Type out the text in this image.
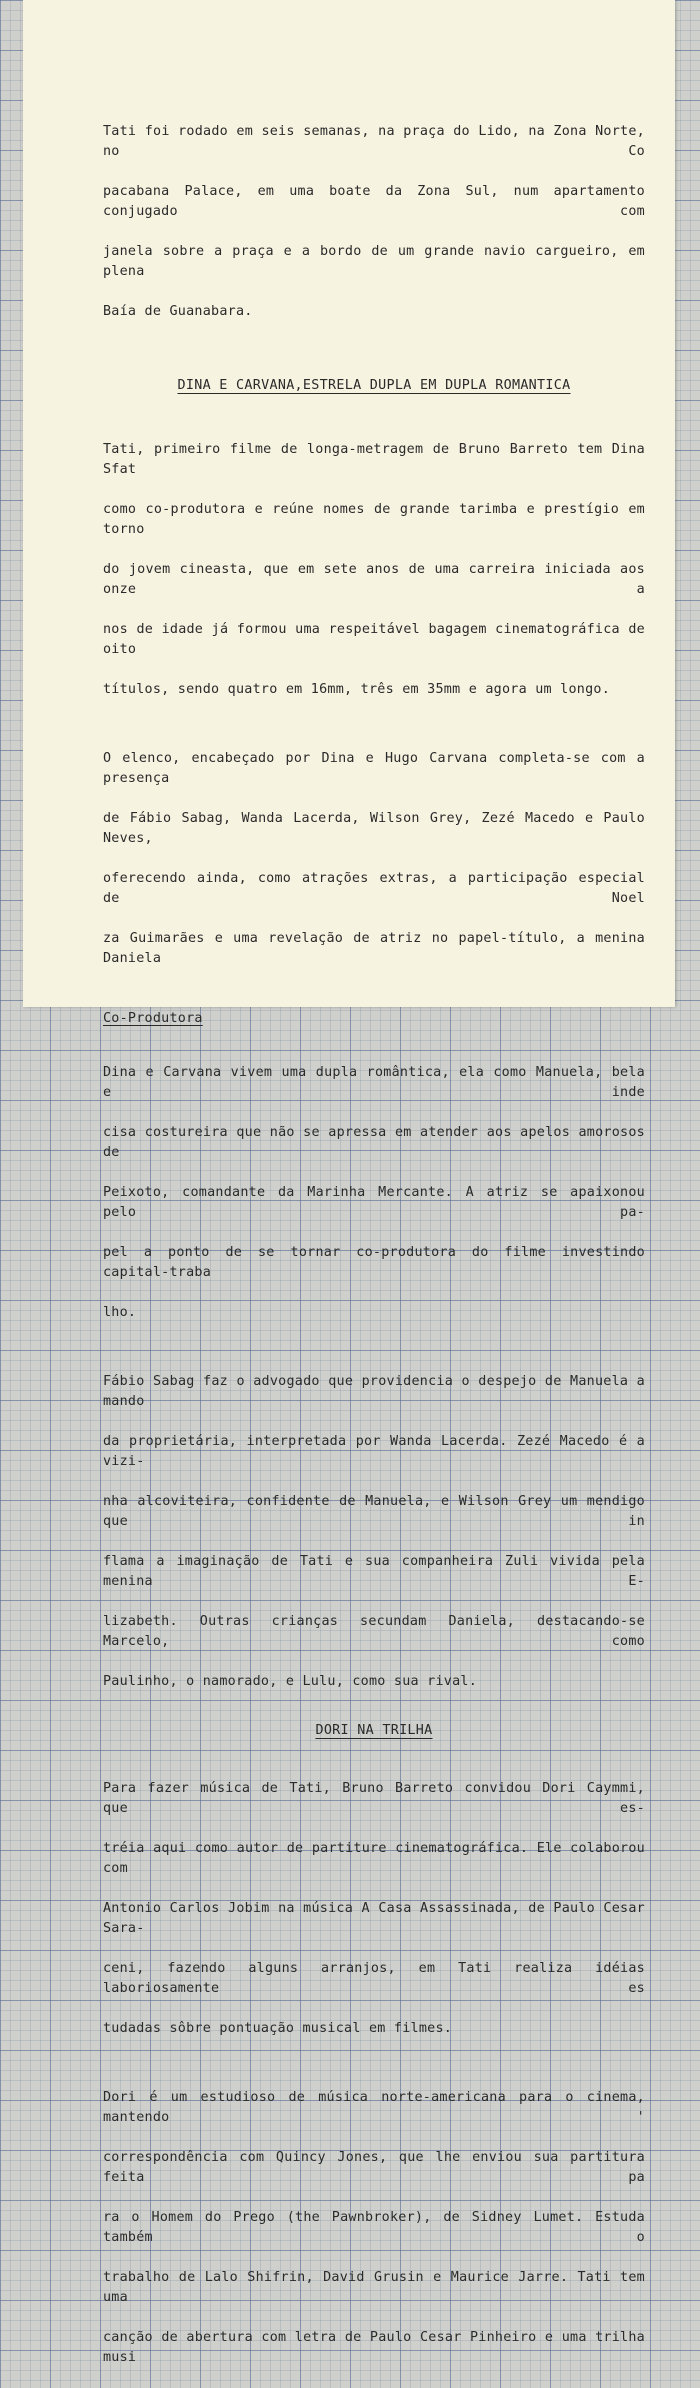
Tati foi rodado em seis semanas, na praça do Lido, na Zona Norte, no Co

pacabana Palace, em uma boate da Zona Sul, num apartamento conjugado com

janela sobre a praça e a bordo de um grande navio cargueiro, em plena

Baía de Guanabara.

DINA E CARVANA,ESTRELA DUPLA EM DUPLA ROMANTICA

Tati, primeiro filme de longa-metragem de Bruno Barreto tem Dina Sfat

como co-produtora e reúne nomes de grande tarimba e prestígio em torno

do jovem cineasta, que em sete anos de uma carreira iniciada aos onze a

nos de idade já formou uma respeitável bagagem cinematográfica de oito

títulos, sendo quatro em 16mm, três em 35mm e agora um longo.

O elenco, encabeçado por Dina e Hugo Carvana completa-se com a presença

de Fábio Sabag, Wanda Lacerda, Wilson Grey, Zezé Macedo e Paulo Neves,

oferecendo ainda, como atrações extras, a participação especial de Noel

za Guimarães e uma revelação de atriz no papel-título, a menina Daniela

Co-Produtora

Dina e Carvana vivem uma dupla romântica, ela como Manuela, bela e inde

cisa costureira que não se apressa em atender aos apelos amorosos de

Peixoto, comandante da Marinha Mercante. A atriz se apaixonou pelo pa-

pel a ponto de se tornar co-produtora do filme investindo capital-traba

lho.

Fábio Sabag faz o advogado que providencia o despejo de Manuela a mando

da proprietária, interpretada por Wanda Lacerda. Zezé Macedo é a vizi-

nha alcoviteira, confidente de Manuela, e Wilson Grey um mendigo que in

flama a imaginação de Tati e sua companheira Zuli vivida pela menina E-

lizabeth. Outras crianças secundam Daniela, destacando-se Marcelo, como

Paulinho, o namorado, e Lulu, como sua rival.

DORI NA TRILHA

Para fazer música de Tati, Bruno Barreto convidou Dori Caymmi, que es-

tréia aqui como autor de partiture cinematográfica. Ele colaborou com

Antonio Carlos Jobim na música A Casa Assassinada, de Paulo Cesar Sara-

ceni, fazendo alguns arranjos, em Tati realiza idéias laboriosamente es

tudadas sôbre pontuação musical em filmes.

Dori é um estudioso de música norte-americana para o cinema, mantendo '

correspondência com Quincy Jones, que lhe enviou sua partitura feita pa

ra o Homem do Prego (the Pawnbroker), de Sidney Lumet. Estuda também o

trabalho de Lalo Shifrin, David Grusin e Maurice Jarre. Tati tem uma

canção de abertura com letra de Paulo Cesar Pinheiro e uma trilha musi
